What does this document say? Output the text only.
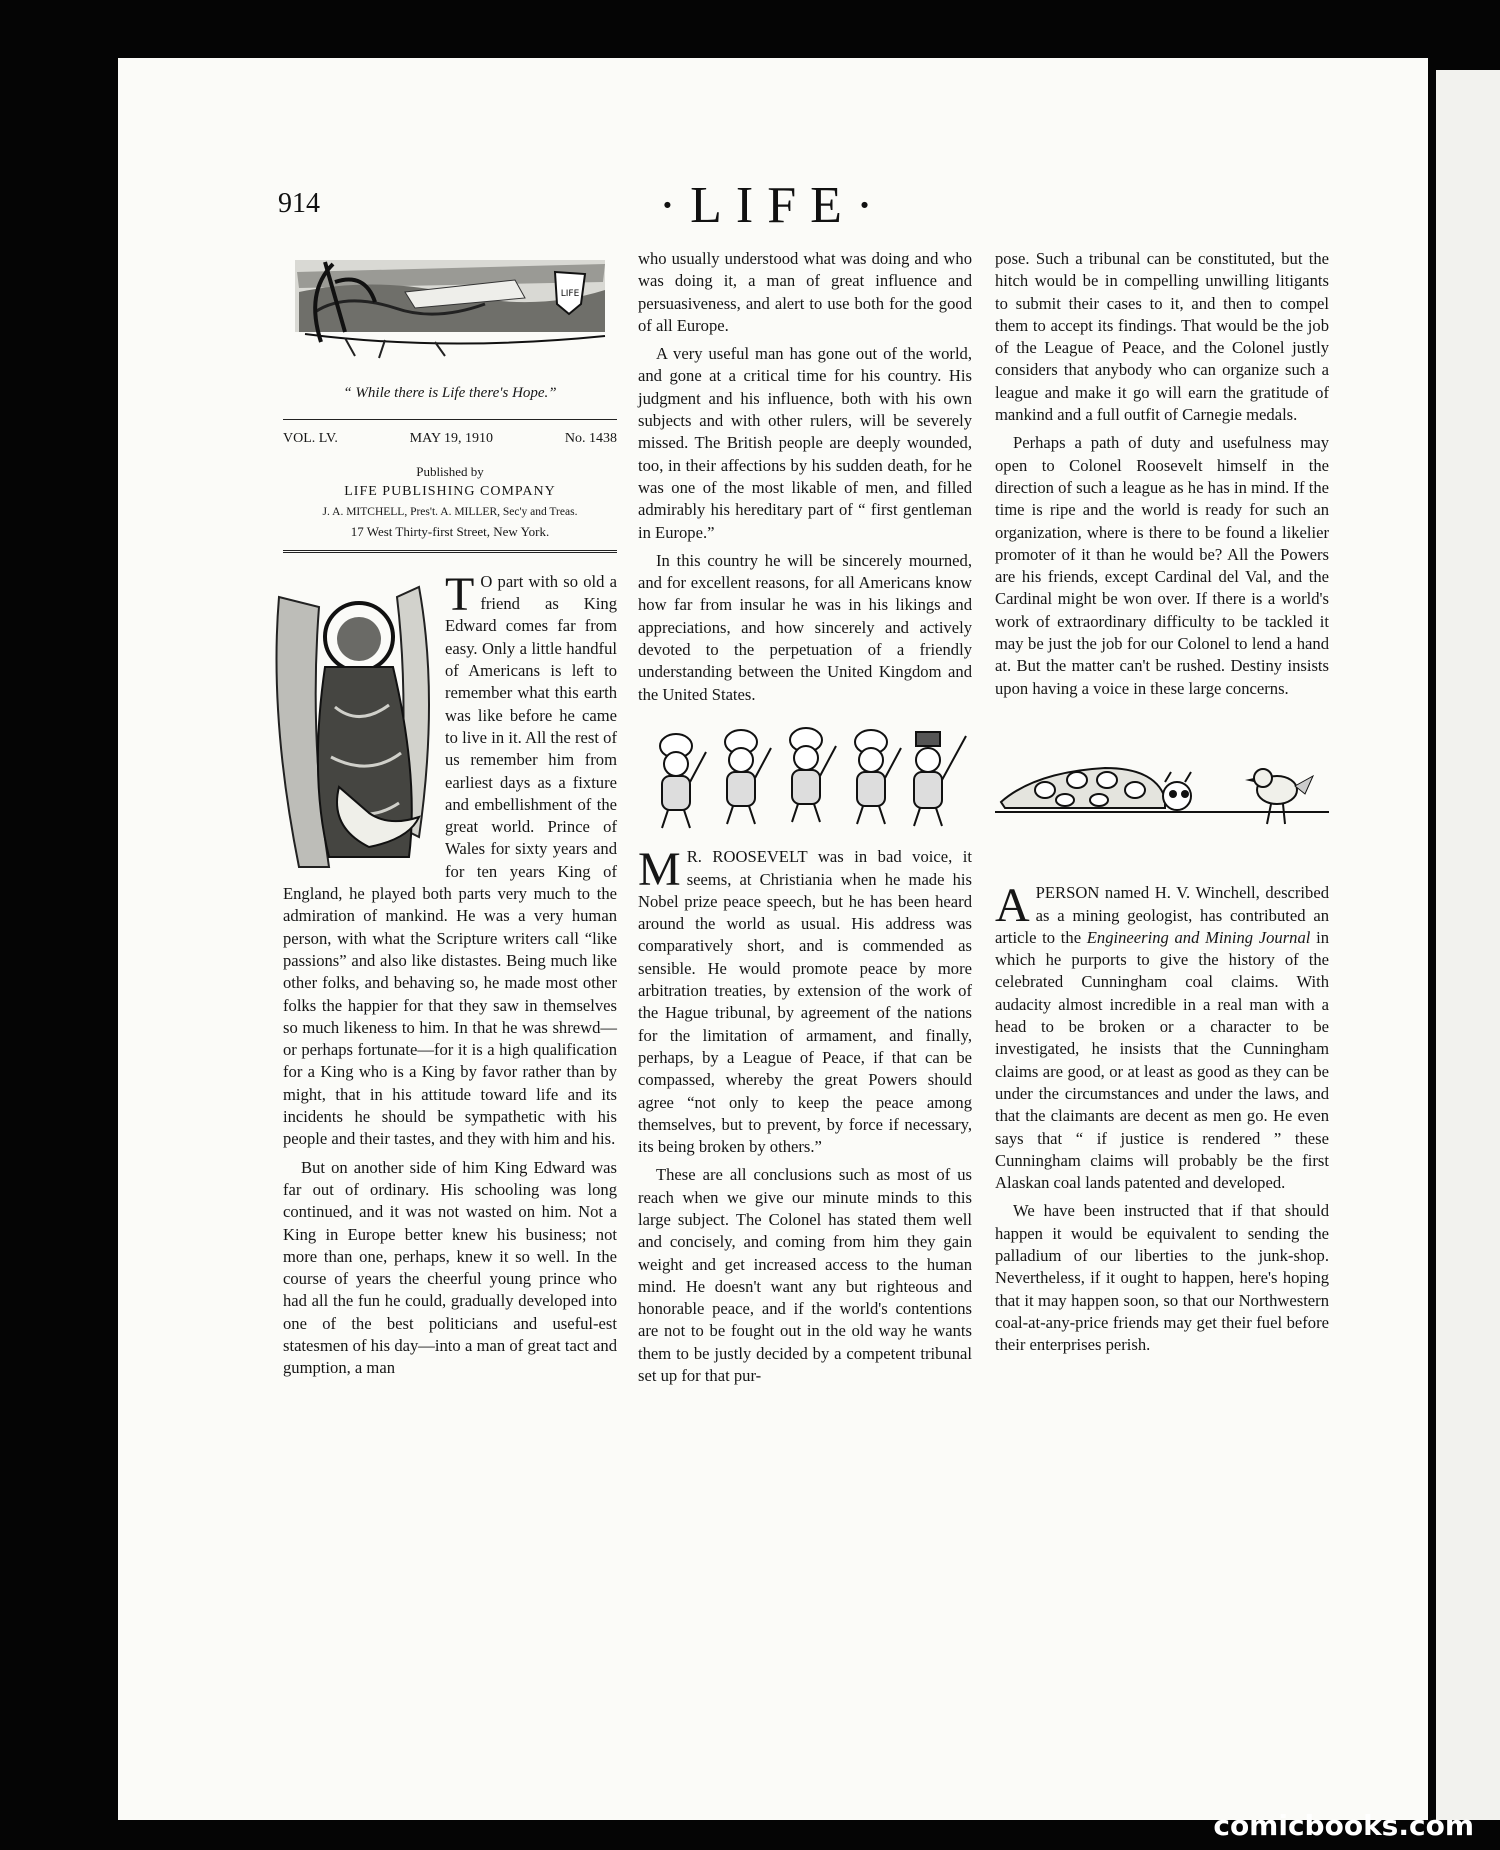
914	·LIFE·

LIFE
“ While there is Life there's Hope.”
VOL. LV.	MAY 19, 1910	No. 1438
Published by
LIFE PUBLISHING COMPANY
J. A. MITCHELL, Pres't. A. MILLER, Sec'y and Treas.
17 West Thirty-first Street, New York.

T O part with so old a friend as King Edward comes far from easy. Only a little handful of Americans is left to remember what this earth was like before he came to live in it. All the rest of us remember him from earliest days as a fixture and embellishment of the great world. Prince of Wales for sixty years and for ten years King of England, he played both parts very much to the admiration of mankind. He was a very human person, with what the Scripture writers call “like passions” and also like distastes. Being much like other folks, and behaving so, he made most other folks the happier for that they saw in themselves so much likeness to him. In that he was shrewd—or perhaps fortunate—for it is a high qualification for a King who is a King by favor rather than by might, that in his attitude toward life and its incidents he should be sympathetic with his people and their tastes, and they with him and his.

But on another side of him King Edward was far out of ordinary. His schooling was long continued, and it was not wasted on him. Not a King in Europe better knew his business; not more than one, perhaps, knew it so well. In the course of years the cheerful young prince who had all the fun he could, gradually developed into one of the best politicians and useful-est statesmen of his day—into a man of great tact and gumption, a man

who usually understood what was doing and who was doing it, a man of great influence and persuasiveness, and alert to use both for the good of all Europe.

A very useful man has gone out of the world, and gone at a critical time for his country. His judgment and his influence, both with his own subjects and with other rulers, will be severely missed. The British people are deeply wounded, too, in their affections by his sudden death, for he was one of the most likable of men, and filled admirably his hereditary part of “ first gentleman in Europe.”

In this country he will be sincerely mourned, and for excellent reasons, for all Americans know how far from insular he was in his likings and appreciations, and how sincerely and actively devoted to the perpetuation of a friendly understanding between the United Kingdom and the United States.

M R. ROOSEVELT was in bad voice, it seems, at Christiania when he made his Nobel prize peace speech, but he has been heard around the world as usual. His address was comparatively short, and is commended as sensible. He would promote peace by more arbitration treaties, by extension of the work of the Hague tribunal, by agreement of the nations for the limitation of armament, and finally, perhaps, by a League of Peace, if that can be compassed, whereby the great Powers should agree “not only to keep the peace among themselves, but to prevent, by force if necessary, its being broken by others.”

These are all conclusions such as most of us reach when we give our minute minds to this large subject. The Colonel has stated them well and concisely, and coming from him they gain weight and get increased access to the human mind. He doesn't want any but righteous and honorable peace, and if the world's contentions are not to be fought out in the old way he wants them to be justly decided by a competent tribunal set up for that pur-

pose. Such a tribunal can be constituted, but the hitch would be in compelling unwilling litigants to submit their cases to it, and then to compel them to accept its findings. That would be the job of the League of Peace, and the Colonel justly considers that anybody who can organize such a league and make it go will earn the gratitude of mankind and a full outfit of Carnegie medals.

Perhaps a path of duty and usefulness may open to Colonel Roosevelt himself in the direction of such a league as he has in mind. If the time is ripe and the world is ready for such an organization, where is there to be found a likelier promoter of it than he would be? All the Powers are his friends, except Cardinal del Val, and the Cardinal might be won over. If there is a world's work of extraordinary difficulty to be tackled it may be just the job for our Colonel to lend a hand at. But the matter can't be rushed. Destiny insists upon having a voice in these large concerns.

A PERSON named H. V. Winchell, described as a mining geologist, has contributed an article to the Engineering and Mining Journal in which he purports to give the history of the celebrated Cunningham coal claims. With audacity almost incredible in a real man with a head to be broken or a character to be investigated, he insists that the Cunningham claims are good, or at least as good as they can be under the circumstances and under the laws, and that the claimants are decent as men go. He even says that “ if justice is rendered ” these Cunningham claims will probably be the first Alaskan coal lands patented and developed.

We have been instructed that if that should happen it would be equivalent to sending the palladium of our liberties to the junk-shop. Nevertheless, if it ought to happen, here's hoping that it may happen soon, so that our Northwestern coal-at-any-price friends may get their fuel before their enterprises perish.

comicbooks.com
